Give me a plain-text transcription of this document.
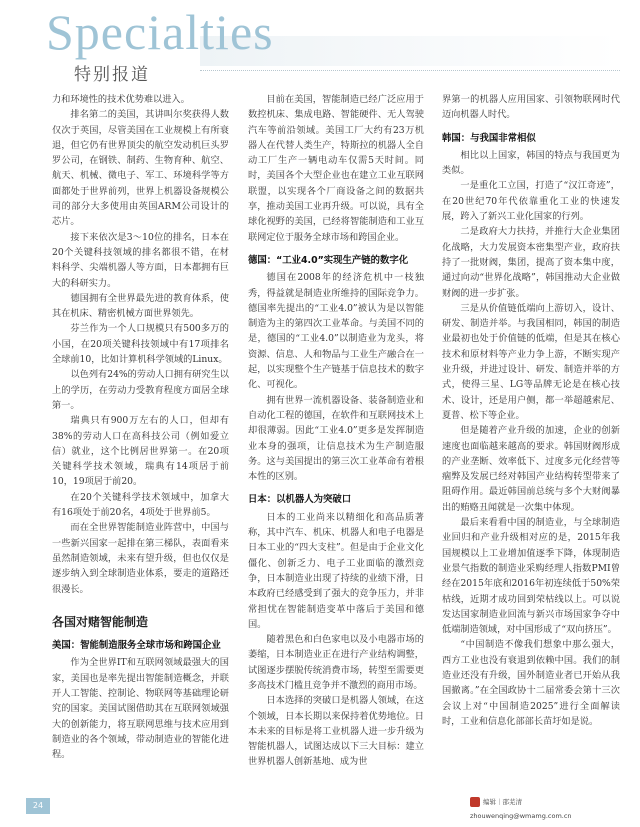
Specialties
特别报道

力和环境性的技术优势难以进入。

排名第二的美国，其讲叫尔奖获得人数仅次于英国，尽管美国在工业规模上有所衰退，但它仍有世界顶尖的航空发动机巨头罗罗公司，在钢铁、制药、生物育种、航空、航天、机械、微电子、军工、环境科学等方面都处于世界前列，世界上机器设备规模公司的部分大多使用由英国ARM公司设计的芯片。

接下来依次是3～10位的排名，日本在20个关键科技领域的排名都很不错，在材料科学、尖端机器人等方面，日本都拥有巨大的科研实力。

德国拥有全世界最先进的教育体系，使其在机床、精密机械方面世界领先。

芬兰作为一个人口规模只有500多万的小国，在20项关键科技领域中有17项排名全球前10，比如计算机科学领域的Linux。

以色列有24%的劳动人口拥有研究生以上的学历，在劳动力受教育程度方面居全球第一。

瑞典只有900万左右的人口，但却有38%的劳动人口在高科技公司（例如爱立信）就业，这个比例居世界第一。在20项关键科学技术领域，瑞典有14项居于前10，19项居于前20。

在20个关键科学技术领域中，加拿大有16项处于前20名，4项处于世界前5。

而在全世界智能制造业阵营中，中国与一些新兴国家一起排在第三梯队，表面看来虽然制造领域，未来有望升级，但也仅仅是逐步纳入到全球制造业体系，要走的道路还很漫长。

各国对赌智能制造

美国：智能制造服务全球市场和跨国企业

作为全世界IT和互联网领域最强大的国家，美国也是率先提出智能制造概念，并联开人工智能、控制论、物联网等基础理论研究的国家。美国试图借助其在互联网领域强大的创新能力，将互联网思维与技术应用到制造业的各个领域，带动制造业的智能化进程。

目前在美国，智能制造已经广泛应用于数控机床、集成电路、智能硬件、无人驾驶汽车等前沿领域。美国工厂大约有23万机器人在代替人类生产，特斯拉的机器人全自动工厂生产一辆电动车仅需5天时间。同时，美国各个大型企业也在建立工业互联网联盟，以实现各个厂商设备之间的数据共享，推动美国工业再升级。可以说，具有全球化视野的美国，已经将智能制造和工业互联网定位于服务全球市场和跨国企业。

德国：“工业4.0”实现生产链的数字化

德国在2008年的经济危机中一枝独秀，得益就是制造业所维持的国际竞争力。德国率先提出的“工业4.0”被认为是以智能制造为主的第四次工业革命。与美国不同的是，德国的“工业4.0”以制造业为龙头，将资源、信息、人和物品与工业生产融合在一起，以实现整个生产链基于信息技术的数字化、可视化。

拥有世界一流机器设备、装备制造业和自动化工程的德国，在软件和互联网技术上却很薄弱。因此“工业4.0”更多是发挥制造业本身的强项，让信息技术为生产制造服务。这与美国提出的第三次工业革命有着根本性的区别。

日本：以机器人为突破口

日本的工业尚来以精细化和高品质著称，其中汽车、机床、机器人和电子电器是日本工业的“四大支柱”。但是由于企业文化僵化、创新乏力、电子工业面临的激烈竞争，日本制造业出现了持续的业绩下滑，日本政府已经感受到了强大的竞争压力，并非常担忧在智能制造变革中落后于美国和德国。

随着黑色和白色家电以及小电器市场的萎缩，日本制造业正在进行产业结构调整，试图逐步摆脱传统消费市场，转型至需要更多高技术门槛且竞争并不激烈的商用市场。

日本选择的突破口是机器人领域，在这个领域，日本长期以来保持着优势地位。日本未来的目标是将工业机器人进一步升级为智能机器人，试图达成以下三大目标：建立世界机器人创新基地、成为世

界第一的机器人应用国家、引领物联网时代迈向机器人时代。

韩国：与我国非常相似

相比以上国家，韩国的特点与我国更为类似。

一是重化工立国，打造了“汉江奇迹”，在20世纪70年代依靠重化工业的快速发展，跨入了新兴工业化国家的行列。

二是政府大力扶持，并推行大企业集团化战略，大力发展资本密集型产业，政府扶持了一批财阀，集团，提高了资本集中度，通过向动“世界化战略”，韩国推动大企业做财阀的进一步扩张。

三是从价值链低端向上游切入，设计、研发、制造并举。与我国相同，韩国的制造业最初也处于价值链的低端，但是其在核心技术和原材料等产业力争上游，不断实现产业升级，并进过设计、研发、制造并举的方式，使得三星、LG等品牌无论是在核心技术、设计，还是用户侧，都一举超越索尼、夏普、松下等企业。

但是随着产业升级的加速，企业的创新速度也面临越来越高的要求。韩国财阀形成的产业垄断、效率低下、过度多元化经营等痼弊及发展已经对韩国产业结构转型带来了阻碍作用。最近韩国前总统与多个大财阀暴出的贿赂丑闻就是一次集中体现。

最后来看看中国的制造业，与全球制造业回归和产业升级相对应的是，2015年我国规模以上工业增加值逐季下降，体现制造业景气指数的制造业采购经理人指数PMI曾经在2015年底和2016年初连续低于50%荣枯线，近期才成功回到荣枯线以上。可以说发达国家制造业回流与新兴市场国家争夺中低端制造领域，对中国形成了“双向挤压”。

“中国制造不像我们想象中那么强大，西方工业也没有衰退到依赖中国。我们的制造业还没有升级，国外制造业者已开始从我国撤离。”在全国政协十二届常委会第十三次会议上对“中国制造2025”进行全面解读时，工业和信息化部部长苗圩如是说。

24	编辑｜邵芜清 zhouwenqing@wmamg.com.cn
